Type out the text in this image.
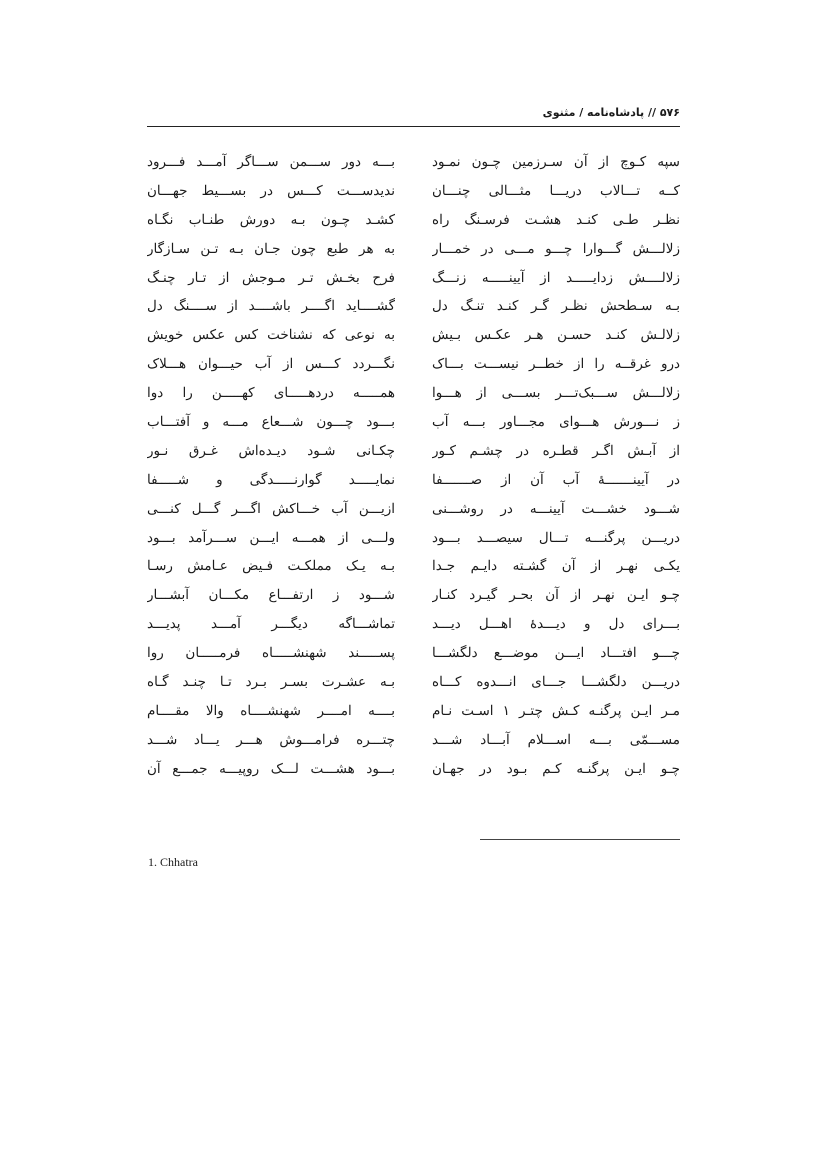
۵۷۶ // پادشاه‌نامه / مثنوی
سپه کـوچ از آن سـرزمین چـون نمـود
کــه تـــالاب دریـــا مثـــالی چنـــان
نظـر طـی کنـد هشـت فرسـنگ راه
زلالـــش گـــوارا چـــو مـــی در خمـــار
زلالــــش زدایـــــد از آیینـــــه زنـــگ
بـه سـطحش نظـر گـر کنـد تنـگ دل
زلالـش کنـد حسـن هـر عکـس بـیش
درو غرقــه را از خطــر نیســـت بـــاک
زلالـــش ســـبک‌تـــر بســـی از هـــوا
ز نـــورش هـــوای مجـــاور بـــه آب
از آبـش اگـر قطـره در چشـم کـور
در آیینـــــــهٔ آب آن از صـــــــفا
شـــود خشـــت آیینـــه در روشـــنی
دریـــن پرگنـــه تـــال سیصـــد بـــود
یکـی نهـر از آن گشـته دایـم جـدا
چـو ایـن نهـر از آن بحـر گیـرد کنـار
بـــرای دل و دیـــدهٔ اهـــل دیـــد
چـــو افتـــاد ایـــن موضـــع دلگشـــا
دریـــن دلگشـــا جـــای انـــدوه کـــاه
مـر ایـن پرگنـه کـش چتـر ۱ اسـت نـام
مســـمّی بـــه اســـلام آبـــاد شـــد
چـو ایـن پرگنـه کـم بـود در جهـان
بـــه دور ســـمن ســـاگر آمـــد فـــرود
ندیدســـت کـــس در بســـیط جهـــان
کشـد چـون بـه دورش طنـاب نگـاه
به هر طبع چون جـان بـه تـن سـازگار
فرح بخـش تـر مـوجش از تـار چنـگ
گشــــاید اگــــر باشــــد از ســــنگ دل
به نوعی که نشناخت کس عکس خویش
نگـــردد کـــس از آب حیـــوان هـــلاک
همـــــه دردهـــــای کهـــــن را دوا
بـــود چـــون شـــعاع مـــه و آفتـــاب
چکـانی شـود دیـده‌اش غـرق نـور
نمایـــــد گوارنـــــدگی و شـــــفا
ازیـــن آب خـــاکش اگـــر گـــل کنـــی
ولـــی از همـــه ایـــن ســـرآمد بـــود
بـه یـک مملکـت فـیض عـامش رسـا
شـــود ز ارتفـــاع مکـــان آبشـــار
تماشـــاگه دیگـــر آمـــد پدیـــد
پســـــند شهنشـــــاه فرمـــــان روا
بـه عشـرت بسـر بـرد تـا چنـد گـاه
بــــه امــــر شهنشــــاه والا مقــــام
چتـــره فرامـــوش هـــر یـــاد شـــد
بـــود هشـــت لـــک روپیـــه جمـــع آن
1. Chhatra
